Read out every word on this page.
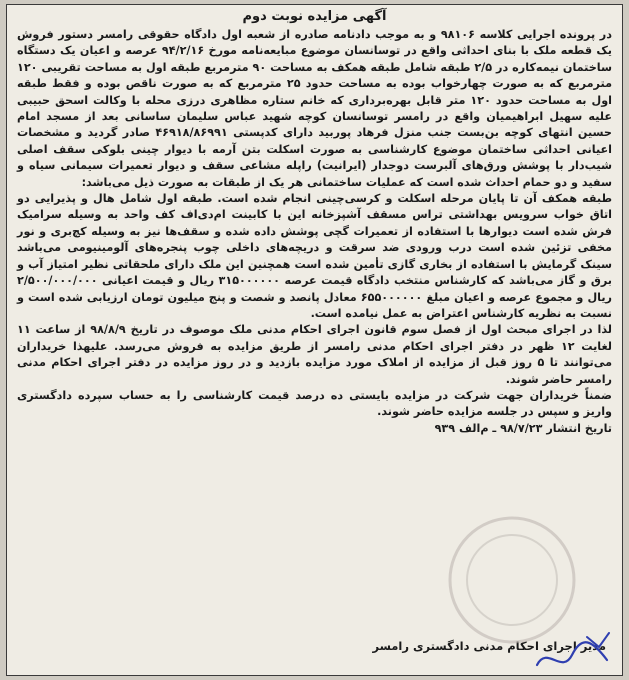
آگهی مزایده نوبت دوم

در پرونده اجرایی کلاسه ۹۸۱۰۶ و به موجب دادنامه صادره از شعبه اول دادگاه حقوقی رامسر دستور فروش یک قطعه ملک با بنای احداثی واقع در توسانسان موضوع مبایعه‌نامه مورخ ۹۴/۲/۱۶ عرصه و اعیان یک دستگاه ساختمان نیمه‌کاره در ۲/۵ طبقه شامل طبقه همکف به مساحت ۹۰ مترمربع طبقه اول به مساحت تقریبی ۱۲۰ مترمربع که به صورت چهارخواب بوده به مساحت حدود ۲۵ مترمربع که به صورت ناقص بوده و فقط طبقه اول به مساحت حدود ۱۲۰ متر قابل بهره‌برداری که خانم ستاره مظاهری درزی محله با وکالت اسحق حبیبی علیه سهیل ابراهیمیان واقع در رامسر توسانسان کوچه شهید عباس سلیمان ساسانی بعد از مسجد امام حسین انتهای کوچه بن‌بست جنب منزل فرهاد پوربید دارای کدپستی ۴۶۹۱۸/۸۶۹۹۱ صادر گردید و مشخصات اعیانی احداثی ساختمان موضوع کارشناسی به صورت اسکلت بتن آرمه با دیوار چینی بلوکی سقف اصلی شیب‌دار با پوشش ورق‌های آلبرست دوجدار (ایرانیت) راپله مشاعی سقف و دیوار تعمیرات سیمانی سیاه و سفید و دو حمام احداث شده است که عملیات ساختمانی هر یک از طبقات به صورت ذیل می‌باشد:

طبقه همکف آن تا پایان مرحله اسکلت و کرسی‌چینی انجام شده است. طبقه اول شامل هال و پذیرایی دو اتاق خواب سرویس بهداشتی تراس مسقف آشپزخانه این با کابینت ام‌دی‌اف کف واحد به وسیله سرامیک فرش شده است دیوارها با استفاده از تعمیرات گچی پوشش داده شده و سقف‌ها نیز به وسیله کچ‌بری و نور مخفی تزئین شده است درب ورودی ضد سرقت و دریچه‌های داخلی چوب پنجره‌های آلومینیومی می‌باشد سینک گرمایش با استفاده از بخاری گازی تأمین شده است همچنین این ملک دارای ملحقاتی نظیر امتیاز آب و برق و گاز می‌باشد که کارشناس منتخب دادگاه قیمت عرصه ۳۱۵۰۰۰۰۰۰ ریال و قیمت اعیانی ۲/۵۰۰/۰۰۰/۰۰۰ ریال و مجموع عرصه و اعیان مبلغ ۶۵۵۰۰۰۰۰۰ معادل پانصد و شصت و پنج میلیون تومان ارزیابی شده است و نسبت به نظریه کارشناس اعتراض به عمل نیامده است.

لذا در اجرای مبحث اول از فصل سوم قانون اجرای احکام مدنی ملک موصوف در تاریخ ۹۸/۸/۹ از ساعت ۱۱ لغایت ۱۲ ظهر در دفتر اجرای احکام مدنی رامسر از طریق مزایده به فروش می‌رسد. علیهذا خریداران می‌توانند تا ۵ روز قبل از مزایده از املاک مورد مزایده بازدید و در روز مزایده در دفتر اجرای احکام مدنی رامسر حاضر شوند.

ضمناً خریداران جهت شرکت در مزایده بایستی ده درصد قیمت کارشناسی را به حساب سپرده دادگستری واریز و سپس در جلسه مزایده حاضر شوند.

تاریخ انتشار ۹۸/۷/۲۳ ـ م‌الف ۹۳۹

مدیر اجرای احکام مدنی دادگستری رامسر
